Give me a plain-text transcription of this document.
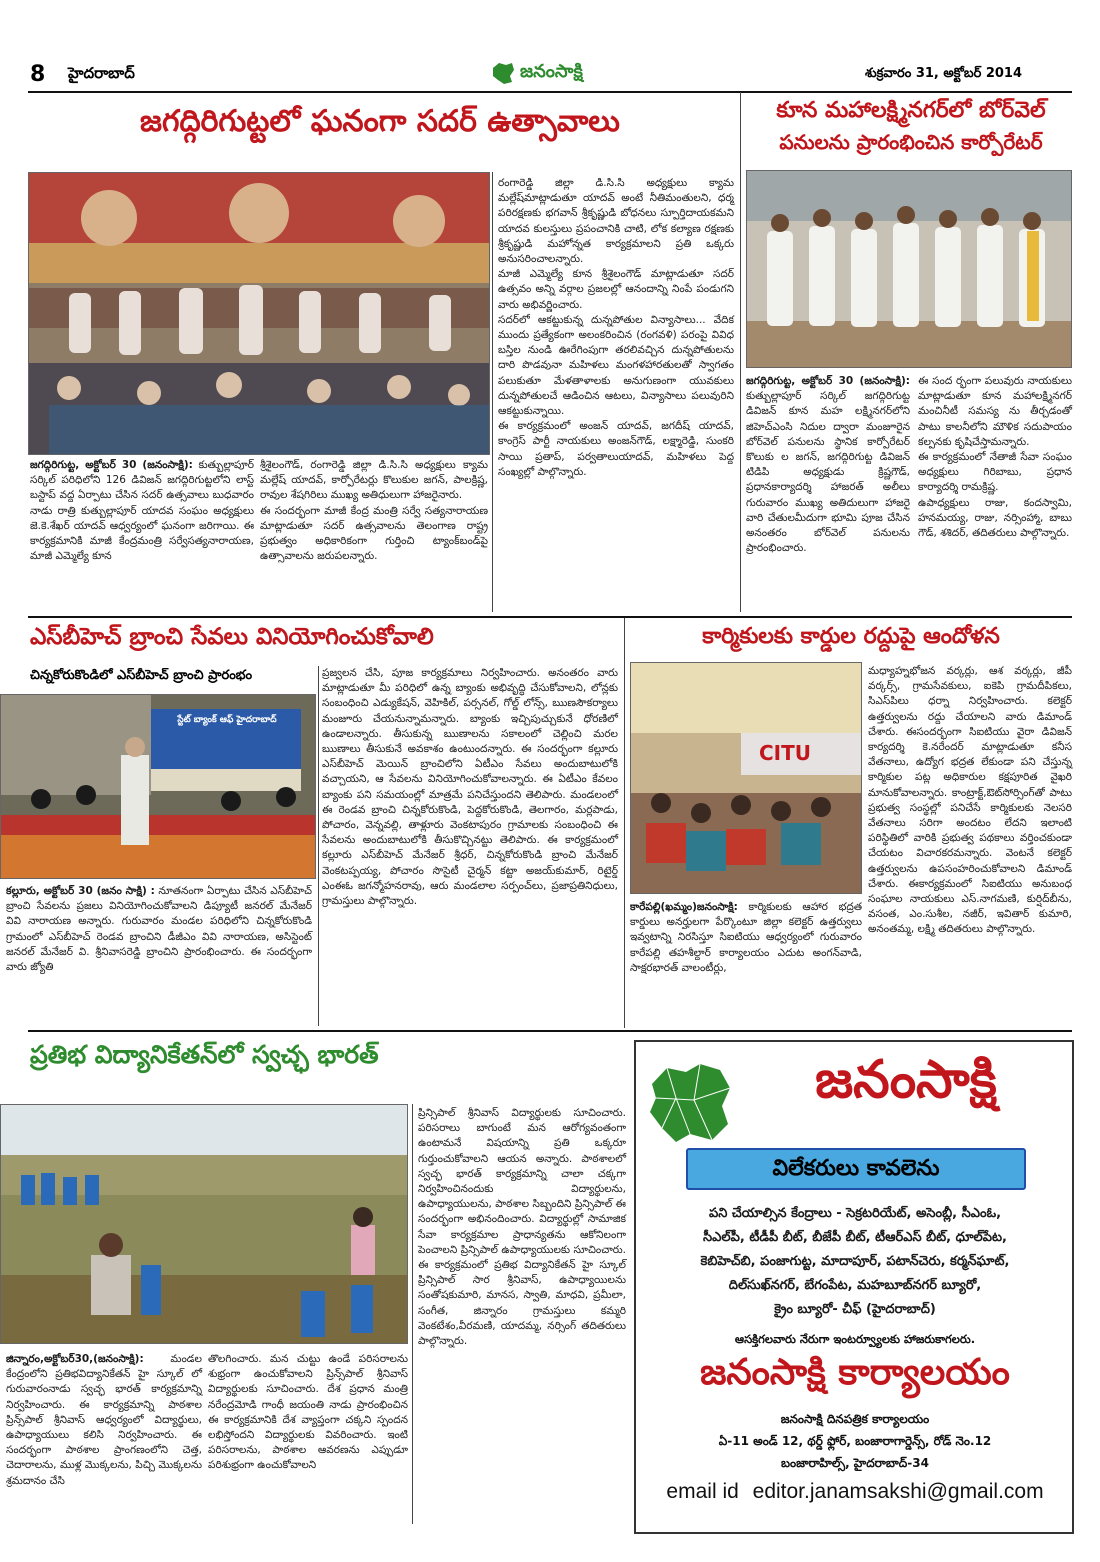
8 హైదరాబాద్	జనంసాక్షి	శుక్రవారం 31, అక్టోబర్ 2014
జగద్గిరిగుట్టలో ఘనంగా సదర్ ఉత్సావాలు

రంగారెడ్డి జిల్లా డి.సి.సి అధ్యక్షులు క్యామ మల్లేష్‌మాట్లాడుతూ యాదవ్ అంటే నీతిమంతులని, ధర్మ పరిరక్షణకు భగవాన్ శ్రీకృష్ణుడి బోధనలు స్పూర్తిదాయకమని యాదవ కులస్తులు ప్రపంచానికి చాటి, లోక కల్యాణ రక్షణకు శ్రీకృష్ణుడి మహోన్నత కార్యక్రమాలని ప్రతి ఒక్కరు అనుసరించాలన్నారు.
మాజీ ఎమ్మెల్యే కూన శ్రీశైలంగౌడ్ మాట్లాడుతూ సదర్ ఉత్సవం అన్ని వర్గాల ప్రజలల్లో ఆనందాన్ని నింపే పండుగని వారు అభివర్ణించారు.
సదర్‌లో ఆకట్టుకున్న దున్నపోతుల విన్యాసాలు... వేదిక ముందు ప్రత్యేకంగా అలంకరించిన (రంగవళి) పరంపై వివిధ బస్తిల నుండి ఊరేగింపుగా తరలివచ్చిన దున్నపోతులను దారి పొడవునా మహిళలు మంగళహారతులతో స్వాగతం పలుకుతూ మేళతాళాలకు అనుగుణంగా యువకులు దున్నపోతులచే ఆడించిన ఆటలు, విన్యాసాలు పలువురిని ఆకట్టుకున్నాయి.
ఈ కార్యక్రమంలో అంజన్ యాదవ్, జగదీష్ యాదవ్, కాంగ్రెస్ పార్టీ నాయకులు అంజన్‌గౌడ్, లక్ష్మారెడ్డి, సుంకరి సాయి ప్రతాప్, పర్వతాలుయాదవ్, మహిళలు పెద్ద సంఖ్యల్లో పాల్గొన్నారు.

జగద్గిరిగుట్ట, అక్టోబర్ 30 (జనంసాక్షి): కుత్బుల్లాపూర్ సర్కిల్ పరిధిలోని 126 డివిజన్ జగద్గిరిగుట్టలోని లాస్ట్ బస్టాప్ వద్ద ఏర్పాటు చేసిన సదర్ ఉత్సవాలు బుధవారం నాడు రాత్రి కుత్బుల్లాపూర్ యాదవ సంఘం అధ్యక్షులు జె.కె.శేఖర్ యాదవ్ ఆధ్వర్యంలో ఘనంగా జరిగాయి. ఈ కార్యక్రమానికి మాజీ కేంద్రమంత్రి సర్వేసత్యనారాయణ, మాజీ ఎమ్మెల్యే కూన

శ్రీశైలంగౌడ్, రంగారెడ్డి జిల్లా డి.సి.సి అధ్యక్షులు క్యామ మల్లేష్ యాదవ్, కార్పోరేటర్లు కొలుకుల జగన్, పాలక్రిష్ణ, రావుల శేషగిరిలు ముఖ్య అతిధులుగా హాజరైనారు.
ఈ సందర్భంగా మాజీ కేంద్ర మంత్రి సర్వే సత్యనారాయణ మాట్లాడుతూ సదర్ ఉత్సవాలను తెలంగాణ రాష్ట్ర ప్రభుత్వం అధికారికంగా గుర్తించి ట్యాంక్‌బండ్‌పై ఉత్సావాలను జరుపలన్నారు.

కూన మహాలక్ష్మినగర్‌లో బోర్‌వెల్
పనులను ప్రారంభించిన కార్పోరేటర్
జగద్గిరిగుట్ట, అక్టోబర్ 30 (జనంసాక్షి): కుత్బుల్లాపూర్ సర్కిల్ జగద్గిరిగుట్ట డివిజన్ కూన మహ లక్ష్మినగర్‌లోని జిహెచ్ఎంసి నిదుల ద్వారా మంజూరైన బోర్‌వెల్ పనులను స్థానిక కార్పోరేటర్ కొలుకు ల జగన్, జగద్గిరిగుట్ట డివిజన్ టిడిపి అధ్యక్షుడు క్రిష్ణగౌడ్, ప్రధానకార్యాదర్శి హాజరత్ అలీలు గురువారం ముఖ్య అతిదులుగా హాజరై వారి చేతులమీదుగా భూమి పూజ చేసిన అనంతరం బోర్‌వెల్ పనులను ప్రారంభించారు.

ఈ సంద ర్భంగా పలువురు నాయకులు మాట్లాడుతూ కూన మహాలక్ష్మినగర్ మంచినీటీ సమస్య ను తీర్చడంతో పాటు కాలనీలోని మౌళిక సదుపాయం కల్పనకు కృషిచేస్తామన్నారు.
ఈ కార్యక్రమంలో నేతాజీ సేవా సంఘం అధ్యక్షులు గిరిబాబు, ప్రధాన కార్యాదర్శి రామక్రిష్ణ.
ఉపాధ్యక్షులు రాజు, కందస్వామి, హనమయ్య, రాజు, నర్సింహ్మా, బాబు గౌడ్, శశిదర్, తదితరులు పాల్గొన్నారు.

ఎస్‌బీహెచ్ బ్రాంచి సేవలు వినియోగించుకోవాలి
చిన్నకోరుకొండిలో ఎస్‌బీహెచ్ బ్రాంచి ప్రారంభం
స్టేట్ బ్యాంక్ ఆఫ్ హైదరాబాద్
కల్లూరు, అక్టోబర్ 30 (జనం సాక్షి) : నూతనంగా ఏర్పాటు చేసిన ఎస్‌బీహెచ్ బ్రాంచి సేవలను ప్రజలు వినియోగించుకోవాలని డిప్యూటీ జనరల్ మేనేజర్ వివి నారాయణ అన్నారు. గురువారం మండల పరిధిలోని చిన్నకోరుకొండి గ్రామంలో ఎస్‌బీహెచ్ రెండవ బ్రాంచిని డీజీఎం వివి నారాయణ, అసిస్టెంట్ జనరల్ మేనేజర్ వి. శ్రీనివాసరెడ్డి బ్రాంచిని ప్రారంభించారు. ఈ సందర్భంగా వారు జ్యోతి

ప్రజ్వలన చేసి, పూజ కార్యక్రమాలు నిర్వహించారు. అనంతరం వారు మాట్లాడుతూ మీ పరిధిలో ఉన్న బ్యాంకు అభివృద్ధి చేసుకోవాలని, లోన్లకు సంబంధించి ఎడ్యుకేషన్, వెహికిల్, పర్సనల్, గోల్డ్ లోన్స్, ఋణసౌకర్యాలు మంజూరు చేయనున్నామన్నారు. బ్యాంకు ఇచ్చిపుచ్చుకునే ధోరణిలో ఉండాలన్నారు. తీసుకున్న ఋణాలను సకాలంలో చెల్లించి మరల ఋణాలు తీసుకునే అవకాశం ఉంటుందన్నారు. ఈ సందర్భంగా కల్లూరు ఎస్‌బీహెచ్ మెయిన్ బ్రాంచిలోని ఏటీఎం సేవలు అందుబాటులోకి వచ్చాయని, ఆ సేవలను వినియోగించుకోవాలన్నారు. ఈ ఏటీఎం కేవలం బ్యాంకు పని సమయంల్లో మాత్రమే పనిచేస్తుందని తెలిపారు. మండలంలో ఈ రెండవ బ్రాంచి చిన్నకోరుకొండి, పెద్దకోరుకొండి, తెలగారం, మర్లపాడు, పోచారం, వెన్నవల్లి, తాళ్లూరు వెంకటాపురం గ్రామాలకు సంబంధించి ఈ సేవలను అందుబాటులోకి తీసుకొచ్చినట్టు తెలిపారు. ఈ కార్యక్రమంలో కల్లూరు ఎస్‌బీహెచ్ మేనేజర్ శ్రీధర్, చిన్నకోరుకొండి బ్రాంచి మేనేజర్ వెంకటప్పయ్య, పోచారం సొసైటీ చైర్మన్ కట్టా అజయ్‌కుమార్, రిటైర్డ్ ఎంఈఓ జగన్మోహనరావు, ఆరు మండలాల సర్పంచ్‌లు, ప్రజాప్రతినిధులు, గ్రామస్తులు పాల్గొన్నారు.

కార్మికులకు కార్డుల రద్దుపై ఆందోళన
CITU
కారేపల్లి(ఖమ్మం)జనంసాక్షి: కార్మికులకు ఆహార భద్రత కార్డులు అనర్హులగా పేర్కొంటూ జిల్లా కలెక్టర్ ఉత్తర్వులు ఇవ్వటాన్ని నిరసిస్తూ సిఐటియు ఆధ్వర్యంలో గురువారం కారేపల్లి తహశీల్దార్ కార్యాలయం ఎదుట అంగన్‌వాడి, సాక్షరభారత్ వాలంటీర్లు,

మధ్యాహ్నభోజన వర్కర్లు, ఆశ వర్కర్లు, జీపీ వర్కర్స్, గ్రామసేవకులు, ఐకెపి గ్రామదీపికలు, సిఎస్‌పిలు ధర్నా నిర్వహించారు. కలెక్టర్ ఉత్తర్వులను రద్దు చేయాలని వారు డిమాండ్ చేశారు. ఈసందర్భంగా సిఐటియు వైరా డివిజన్ కార్యదర్శి కె.నరేందర్ మాట్లాడుతూ కనీస వేతనాలు, ఉద్యోగ భద్రత లేకుండా పని చేస్తున్న కార్మికుల పట్ల అధికారుల కక్షపూరిత వైఖరి మానుకోవాలన్నారు. కాంట్రాక్ట్,ఔట్‌సోర్సింగ్‌తో పాటు ప్రభుత్వ సంస్థల్లో పనిచేసే కార్మికులకు నెలసరి వేతనాలు సరిగా అందటం లేదని ఇలాంటి పరిస్థితిలో వారికి ప్రభుత్వ పథకాలు వర్తించకుండా చేయటం విచారకరమన్నారు. వెంటనే కలెక్టర్ ఉత్తర్వులను ఉపసంహరించుకోవాలని డిమాండ్ చేశారు. ఈకార్యక్రమంలో సిఐటియు అనుబంధ సంఘాల నాయకులు ఎస్.నాగమణి, కుర్షిద్‌బీను, వసంత, ఎం.సుశీల, నజీర్, ఇవితార్ కుమారి, అనంతమ్మ, లక్ష్మి తదితరులు పాల్గొన్నారు.

ప్రతిభ విద్యానికేతన్‌లో స్వచ్ఛ భారత్
జిన్నారం,అక్టోబర్30,(జనంసాక్షి):	మండల కేంద్రంలోని ప్రతిభవిద్యానికేతన్ హై స్కూల్ లో గురువారంనాడు స్వచ్ఛ భారత్ కార్యక్రమాన్ని నిర్వహించారు. ఈ కార్యక్రమాన్ని పాఠశాల ప్రిన్స్‌పాల్ శ్రీనివాస్ ఆధ్వర్యంలో విద్యార్థులు, ఉపాధ్యాయులు కలిసి నిర్వహించారు. ఈ సందర్భంగా పాఠశాల ప్రాంగణంలోని చెత్త, చెదారాలను, ముళ్ల మొక్కలను, పిచ్చి మొక్కలను శ్రమదానం చేసి

తొలగించారు. మన చుట్టు ఉండే పరిసరాలను శుభ్రంగా ఉంచుకోవాలని ప్రిన్స్‌పాల్ శ్రీనివాస్ విద్యార్థులకు సూచించారు. దేశ ప్రధాన మంత్రి నరేంద్రమోడి గాంధీ జయంతి నాడు ప్రారంభించిన ఈ కార్యక్రమానికి దేశ వ్యాప్తంగా చక్కని స్పందన లభిస్తోందని విద్యార్థులకు వివరించారు. ఇంటి పరిసరాలను, పాఠశాల ఆవరణను ఎప్పుడూ పరిశుభ్రంగా ఉంచుకోవాలని

ప్రిన్సిపాల్ శ్రీనివాస్ విద్యార్థులకు సూచించారు. పరిసరాలు బాగుంటే మన ఆరోగ్యవంతంగా ఉంటామనే విషయాన్ని ప్రతి ఒక్కరూ గుర్తుంచుకోవాలని ఆయన అన్నారు. పాఠశాలలో స్వచ్ఛ భారత్ కార్యక్రమాన్ని చాలా చక్కగా నిర్వహించినందుకు విద్యార్థులను, ఉపాధ్యాయులను, పాఠశాల సిబ్బందిని ప్రిన్సిపాల్ ఈ సందర్భంగా అభినందించారు. విద్యార్థుల్లో సామాజిక సేవా కార్యక్రమాల ప్రాధాన్యతను ఆకోనిలంగా పెంచాలని ప్రిన్సిపాల్ ఉపాధ్యాయులకు సూచించారు. ఈ కార్యక్రమంలో ప్రతిభ విద్యానికేతన్ హై స్కూల్ ప్రిన్సిపాల్ సార శ్రీనివాస్, ఉపాధ్యాయిలను సంతోషకుమారి, మానస, స్వాతి, మాధవి, ప్రమీలా, సంగీత, జిన్నారం గ్రామస్తులు కమ్మరి వెంకటేశం,వీరమణి, యాదమ్మ, నర్సింగ్ తదితరులు పాల్గొన్నారు.

జనంసాక్షి
విలేకరులు కావలెను
పని చేయాల్సిన కేంద్రాలు - సెక్రటరియేట్, అసెంబ్లీ, సీఎంఓ,
సీఎల్‌పీ, టీడీపీ బీట్, బీజేపీ బీట్, టీఆర్‌ఎస్ బీట్, ధూల్‌పేట,
కెబిహెచ్‌బి, పంజాగుట్ట, మాదాపూర్, పటాన్‌చెరు, కర్మన్‌ఘాట్,
దిల్‌సుఖ్‌నగర్, బేగంపేట, మహబూబ్‌నగర్ బ్యూరో,
క్రైం బ్యూరో- చీఫ్ (హైదరాబాద్)
ఆసక్తిగలవారు నేరుగా ఇంటర్వ్యూలకు హాజరుకాగలరు.
జనంసాక్షి కార్యాలయం
జనంసాక్షి దినపత్రిక కార్యాలయం
ఏ-11 అండ్ 12, థర్డ్ ఫ్లోర్, బంజారాగార్డెన్స్, రోడ్ నెం.12
బంజారాహిల్స్, హైదరాబాద్-34
email id editor.janamsakshi@gmail.com
